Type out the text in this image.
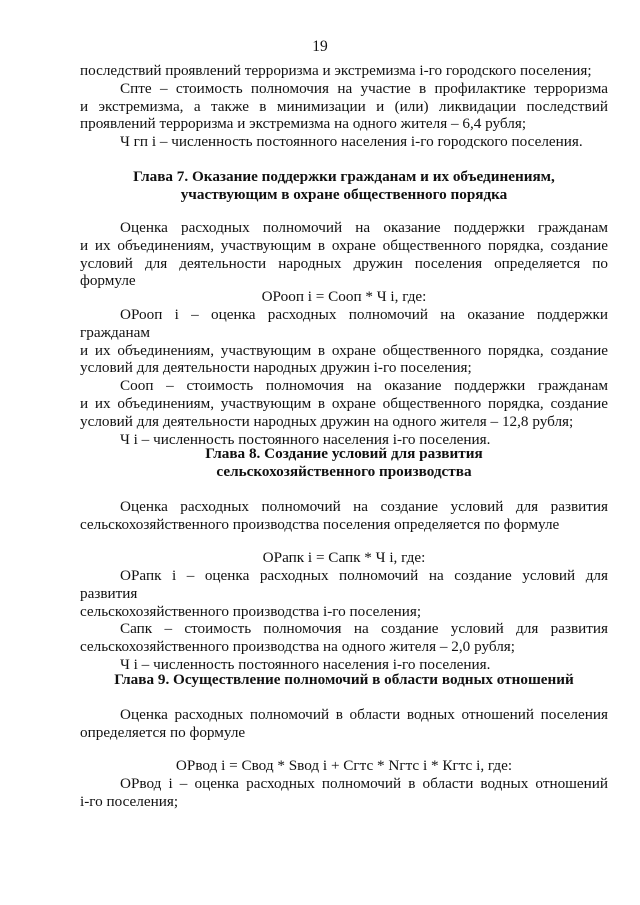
19

последствий проявлений терроризма и экстремизма i-го городского поселения;

Спте – стоимость полномочия на участие в профилактике терроризма

и экстремизма, а также в минимизации и (или) ликвидации последствий

проявлений терроризма и экстремизма на одного жителя – 6,4 рубля;

Ч гп i – численность постоянного населения i-го городского поселения.

Глава 7. Оказание поддержки гражданам и их объединениям,

участвующим в охране общественного порядка

Оценка расходных полномочий на оказание поддержки гражданам

и их объединениям, участвующим в охране общественного порядка, создание

условий для деятельности народных дружин поселения определяется по формуле

ОРооп i = Сооп * Ч i, где:

ОРооп i – оценка расходных полномочий на оказание поддержки гражданам

и их объединениям, участвующим в охране общественного порядка, создание

условий для деятельности народных дружин i-го поселения;

Сооп – стоимость полномочия на оказание поддержки гражданам

и их объединениям, участвующим в охране общественного порядка, создание

условий для деятельности народных дружин на одного жителя – 12,8 рубля;

Ч i – численность постоянного населения i-го поселения.

Глава 8. Создание условий для развития

сельскохозяйственного производства

Оценка расходных полномочий на создание условий для развития

сельскохозяйственного производства поселения определяется по формуле

ОРапк i = Сапк * Ч i, где:

ОРапк i – оценка расходных полномочий на создание условий для развития

сельскохозяйственного производства i-го поселения;

Сапк – стоимость полномочия на создание условий для развития

сельскохозяйственного производства на одного жителя – 2,0 рубля;

Ч i – численность постоянного населения i-го поселения.

Глава 9. Осуществление полномочий в области водных отношений

Оценка расходных полномочий в области водных отношений поселения

определяется по формуле

ОРвод i = Свод * Sвод i + Сгтс * Nгтс i * Кгтс i, где:

ОРвод i – оценка расходных полномочий в области водных отношений

i-го поселения;
